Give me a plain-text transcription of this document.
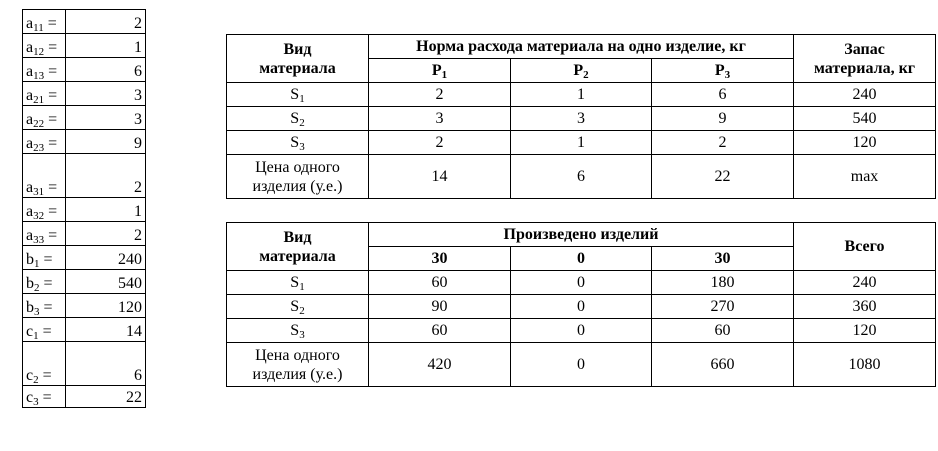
$a_{11}$ =	2
$a_{12}$ =	1
$a_{13}$ =	6
$a_{21}$ =	3
$a_{22}$ =	3
$a_{23}$ =	9
$a_{31}$ =	2
$a_{32}$ =	1
$a_{33}$ =	2
$b_1$ =	240
$b_2$ =	540
$b_3$ =	120
$c_1$ =	14
$c_2$ =	6
$c_3$ =	22
Вид
материала	Норма расхода материала на одно изделие, кг			Запас
материала, кг
	$P_1$	$P_2$	$P_3$
$S_1$	2	1	6	240
$S_2$	3	3	9	540
$S_3$	2	1	2	120
Цена одного
изделия (у.е.)	14	6	22	max
Вид
материала	Произведено изделий			Всего
	30	0	30	
$S_1$	60	0	180	240
$S_2$	90	0	270	360
$S_3$	60	0	60	120
Цена одного
изделия (у.е.)	420	0	660	1080
